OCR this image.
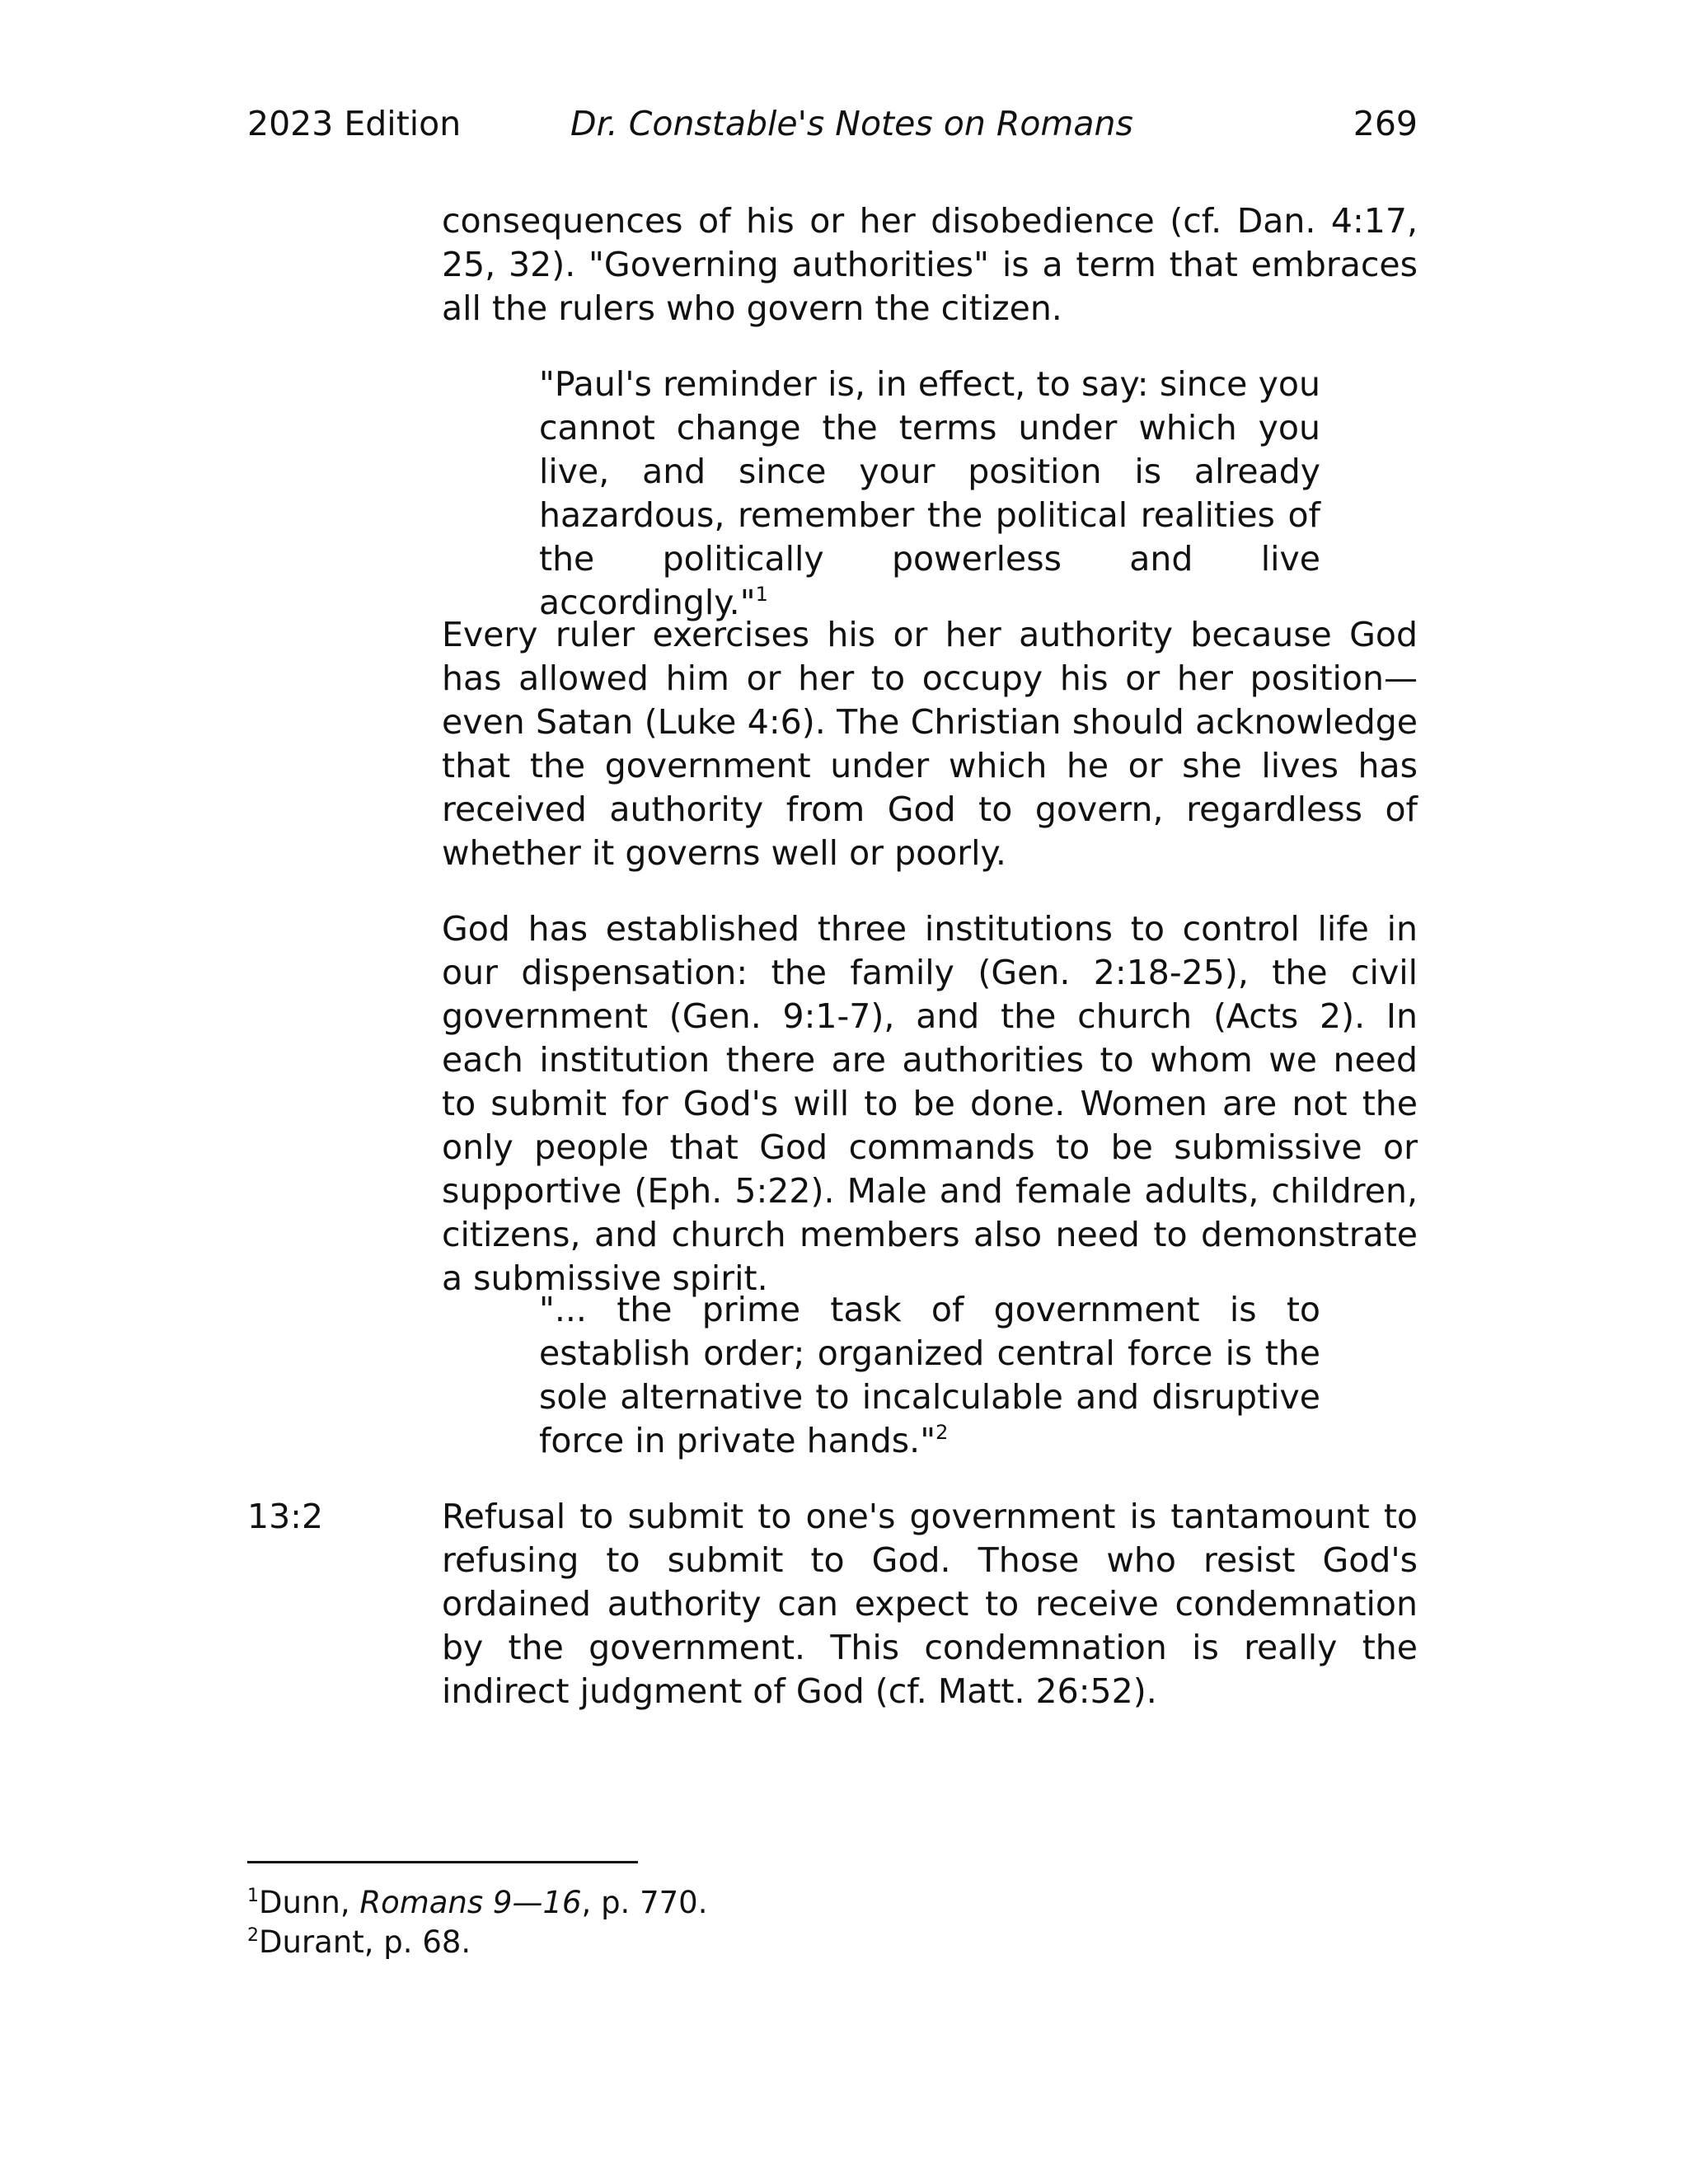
2023 Edition	Dr. Constable's Notes on Romans	269

consequences of his or her disobedience (cf. Dan. 4:17, 25, 32). "Governing authorities" is a term that embraces all the rulers who govern the citizen.

"Paul's reminder is, in effect, to say: since you cannot change the terms under which you live, and since your position is already hazardous, remember the political realities of the politically powerless and live accordingly."$^1$

Every ruler exercises his or her authority because God has allowed him or her to occupy his or her position—even Satan (Luke 4:6). The Christian should acknowledge that the government under which he or she lives has received authority from God to govern, regardless of whether it governs well or poorly.

God has established three institutions to control life in our dispensation: the family (Gen. 2:18-25), the civil government (Gen. 9:1-7), and the church (Acts 2). In each institution there are authorities to whom we need to submit for God's will to be done. Women are not the only people that God commands to be submissive or supportive (Eph. 5:22). Male and female adults, children, citizens, and church members also need to demonstrate a submissive spirit.

"... the prime task of government is to establish order; organized central force is the sole alternative to incalculable and disruptive force in private hands."$^2$

13:2	Refusal to submit to one's government is tantamount to refusing to submit to God. Those who resist God's ordained authority can expect to receive condemnation by the government. This condemnation is really the indirect judgment of God (cf. Matt. 26:52).

$^1$Dunn, Romans 9—16, p. 770.
$^2$Durant, p. 68.
